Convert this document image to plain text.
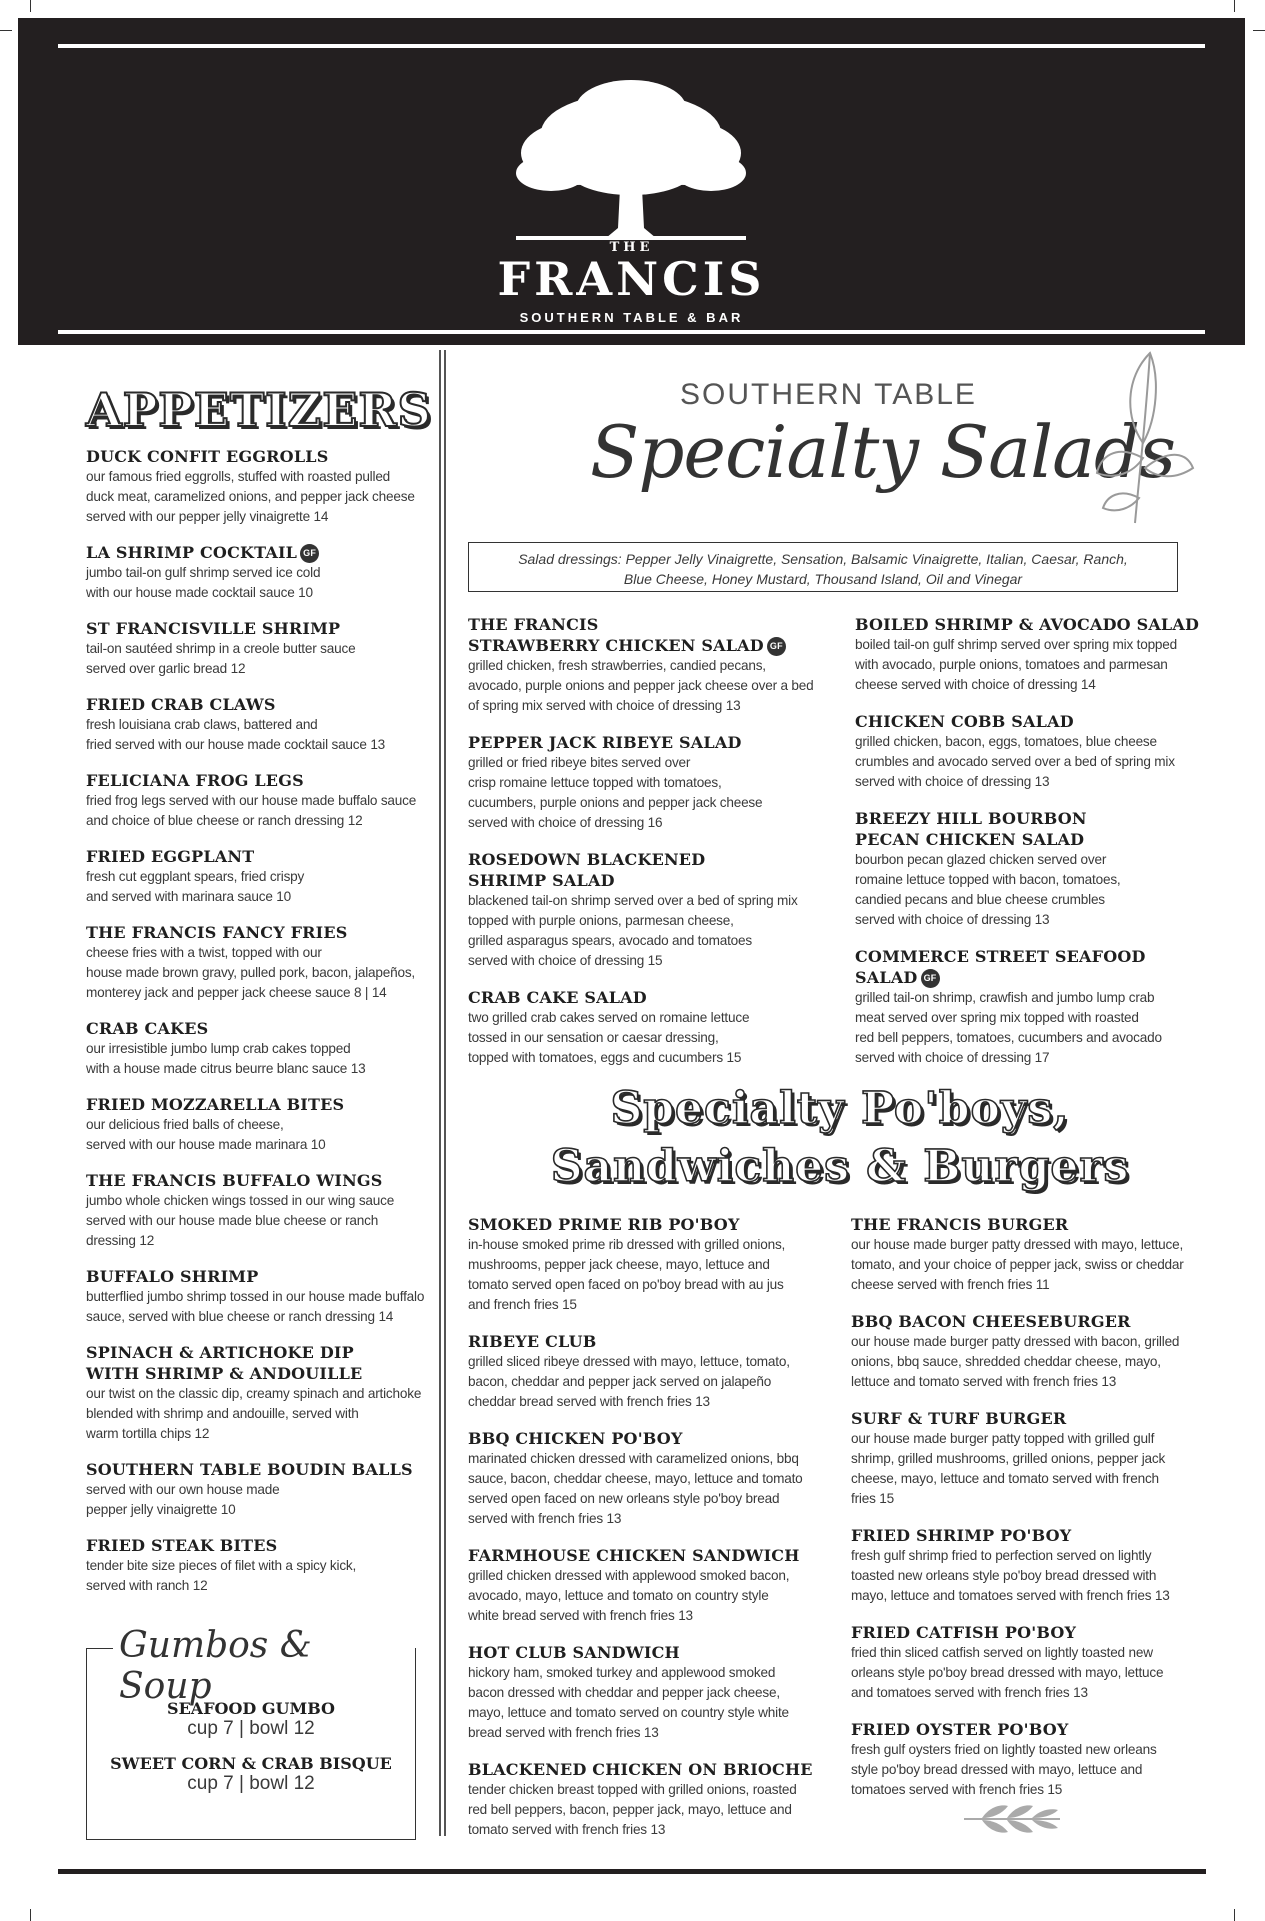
THE
FRANCIS
SOUTHERN TABLE & BAR
APPETIZERS
DUCK CONFIT EGGROLLS
our famous fried eggrolls, stuffed with roasted pulled
duck meat, caramelized onions, and pepper jack cheese
served with our pepper jelly vinaigrette 14
LA SHRIMP COCKTAIL GF
jumbo tail-on gulf shrimp served ice cold
with our house made cocktail sauce 10
ST FRANCISVILLE SHRIMP
tail-on sautéed shrimp in a creole butter sauce
served over garlic bread 12
FRIED CRAB CLAWS
fresh louisiana crab claws, battered and
fried served with our house made cocktail sauce 13
FELICIANA FROG LEGS
fried frog legs served with our house made buffalo sauce
and choice of blue cheese or ranch dressing 12
FRIED EGGPLANT
fresh cut eggplant spears, fried crispy
and served with marinara sauce 10
THE FRANCIS FANCY FRIES
cheese fries with a twist, topped with our
house made brown gravy, pulled pork, bacon, jalapeños,
monterey jack and pepper jack cheese sauce 8 | 14
CRAB CAKES
our irresistible jumbo lump crab cakes topped
with a house made citrus beurre blanc sauce 13
FRIED MOZZARELLA BITES
our delicious fried balls of cheese,
served with our house made marinara 10
THE FRANCIS BUFFALO WINGS
jumbo whole chicken wings tossed in our wing sauce
served with our house made blue cheese or ranch
dressing 12
BUFFALO SHRIMP
butterflied jumbo shrimp tossed in our house made buffalo
sauce, served with blue cheese or ranch dressing 14
SPINACH & ARTICHOKE DIP
WITH SHRIMP & ANDOUILLE
our twist on the classic dip, creamy spinach and artichoke
blended with shrimp and andouille, served with
warm tortilla chips 12
SOUTHERN TABLE BOUDIN BALLS
served with our own house made
pepper jelly vinaigrette 10
FRIED STEAK BITES
tender bite size pieces of filet with a spicy kick,
served with ranch 12
Gumbos & Soup
SEAFOOD GUMBO
cup 7 | bowl 12
SWEET CORN & CRAB BISQUE
cup 7 | bowl 12
SOUTHERN TABLE
Specialty Salads
Salad dressings: Pepper Jelly Vinaigrette, Sensation, Balsamic Vinaigrette, Italian, Caesar, Ranch,
Blue Cheese, Honey Mustard, Thousand Island, Oil and Vinegar
THE FRANCIS
STRAWBERRY CHICKEN SALAD GF
grilled chicken, fresh strawberries, candied pecans,
avocado, purple onions and pepper jack cheese over a bed
of spring mix served with choice of dressing 13
PEPPER JACK RIBEYE SALAD
grilled or fried ribeye bites served over
crisp romaine lettuce topped with tomatoes,
cucumbers, purple onions and pepper jack cheese
served with choice of dressing 16
ROSEDOWN BLACKENED
SHRIMP SALAD
blackened tail-on shrimp served over a bed of spring mix
topped with purple onions, parmesan cheese,
grilled asparagus spears, avocado and tomatoes
served with choice of dressing 15
CRAB CAKE SALAD
two grilled crab cakes served on romaine lettuce
tossed in our sensation or caesar dressing,
topped with tomatoes, eggs and cucumbers 15
BOILED SHRIMP & AVOCADO SALAD
boiled tail-on gulf shrimp served over spring mix topped
with avocado, purple onions, tomatoes and parmesan
cheese served with choice of dressing 14
CHICKEN COBB SALAD
grilled chicken, bacon, eggs, tomatoes, blue cheese
crumbles and avocado served over a bed of spring mix
served with choice of dressing 13
BREEZY HILL BOURBON
PECAN CHICKEN SALAD
bourbon pecan glazed chicken served over
romaine lettuce topped with bacon, tomatoes,
candied pecans and blue cheese crumbles
served with choice of dressing 13
COMMERCE STREET SEAFOOD SALAD GF
grilled tail-on shrimp, crawfish and jumbo lump crab
meat served over spring mix topped with roasted
red bell peppers, tomatoes, cucumbers and avocado
served with choice of dressing 17
Specialty Po'boys,
Sandwiches & Burgers
SMOKED PRIME RIB PO'BOY
in-house smoked prime rib dressed with grilled onions,
mushrooms, pepper jack cheese, mayo, lettuce and
tomato served open faced on po'boy bread with au jus
and french fries 15
RIBEYE CLUB
grilled sliced ribeye dressed with mayo, lettuce, tomato,
bacon, cheddar and pepper jack served on jalapeño
cheddar bread served with french fries 13
BBQ CHICKEN PO'BOY
marinated chicken dressed with caramelized onions, bbq
sauce, bacon, cheddar cheese, mayo, lettuce and tomato
served open faced on new orleans style po'boy bread
served with french fries 13
FARMHOUSE CHICKEN SANDWICH
grilled chicken dressed with applewood smoked bacon,
avocado, mayo, lettuce and tomato on country style
white bread served with french fries 13
HOT CLUB SANDWICH
hickory ham, smoked turkey and applewood smoked
bacon dressed with cheddar and pepper jack cheese,
mayo, lettuce and tomato served on country style white
bread served with french fries 13
BLACKENED CHICKEN ON BRIOCHE
tender chicken breast topped with grilled onions, roasted
red bell peppers, bacon, pepper jack, mayo, lettuce and
tomato served with french fries 13
THE FRANCIS BURGER
our house made burger patty dressed with mayo, lettuce,
tomato, and your choice of pepper jack, swiss or cheddar
cheese served with french fries 11
BBQ BACON CHEESEBURGER
our house made burger patty dressed with bacon, grilled
onions, bbq sauce, shredded cheddar cheese, mayo,
lettuce and tomato served with french fries 13
SURF & TURF BURGER
our house made burger patty topped with grilled gulf
shrimp, grilled mushrooms, grilled onions, pepper jack
cheese, mayo, lettuce and tomato served with french
fries 15
FRIED SHRIMP PO'BOY
fresh gulf shrimp fried to perfection served on lightly
toasted new orleans style po'boy bread dressed with
mayo, lettuce and tomatoes served with french fries 13
FRIED CATFISH PO'BOY
fried thin sliced catfish served on lightly toasted new
orleans style po'boy bread dressed with mayo, lettuce
and tomatoes served with french fries 13
FRIED OYSTER PO'BOY
fresh gulf oysters fried on lightly toasted new orleans
style po'boy bread dressed with mayo, lettuce and
tomatoes served with french fries 15
